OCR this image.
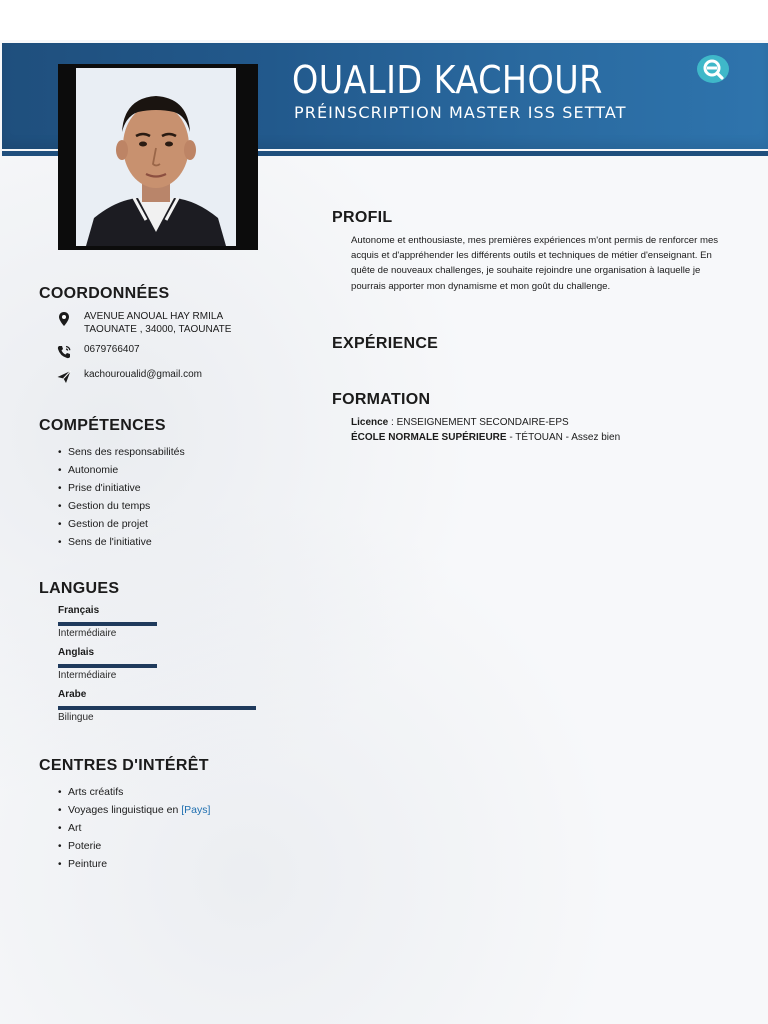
OUALID KACHOUR
PRÉINSCRIPTION MASTER ISS SETTAT
COORDONNÉES
AVENUE ANOUAL HAY RMILA
TAOUNATE , 34000, TAOUNATE
0679766407
kachouroualid@gmail.com
COMPÉTENCES
• Sens des responsabilités
• Autonomie
• Prise d'initiative
• Gestion du temps
• Gestion de projet
• Sens de l'initiative
LANGUES
Français
Intermédiaire
Anglais
Intermédiaire
Arabe
Bilingue
CENTRES D'INTÉRÊT
• Arts créatifs
• Voyages linguistique en [Pays]
• Art
• Poterie
• Peinture
PROFIL
Autonome et enthousiaste, mes premières expériences m'ont permis de renforcer mes acquis et d'appréhender les différents outils et techniques de métier d'enseignant. En quête de nouveaux challenges, je souhaite rejoindre une organisation à laquelle je pourrais apporter mon dynamisme et mon goût du challenge.
EXPÉRIENCE
FORMATION
Licence : ENSEIGNEMENT SECONDAIRE-EPS
ÉCOLE NORMALE SUPÉRIEURE - TÉTOUAN - Assez bien
